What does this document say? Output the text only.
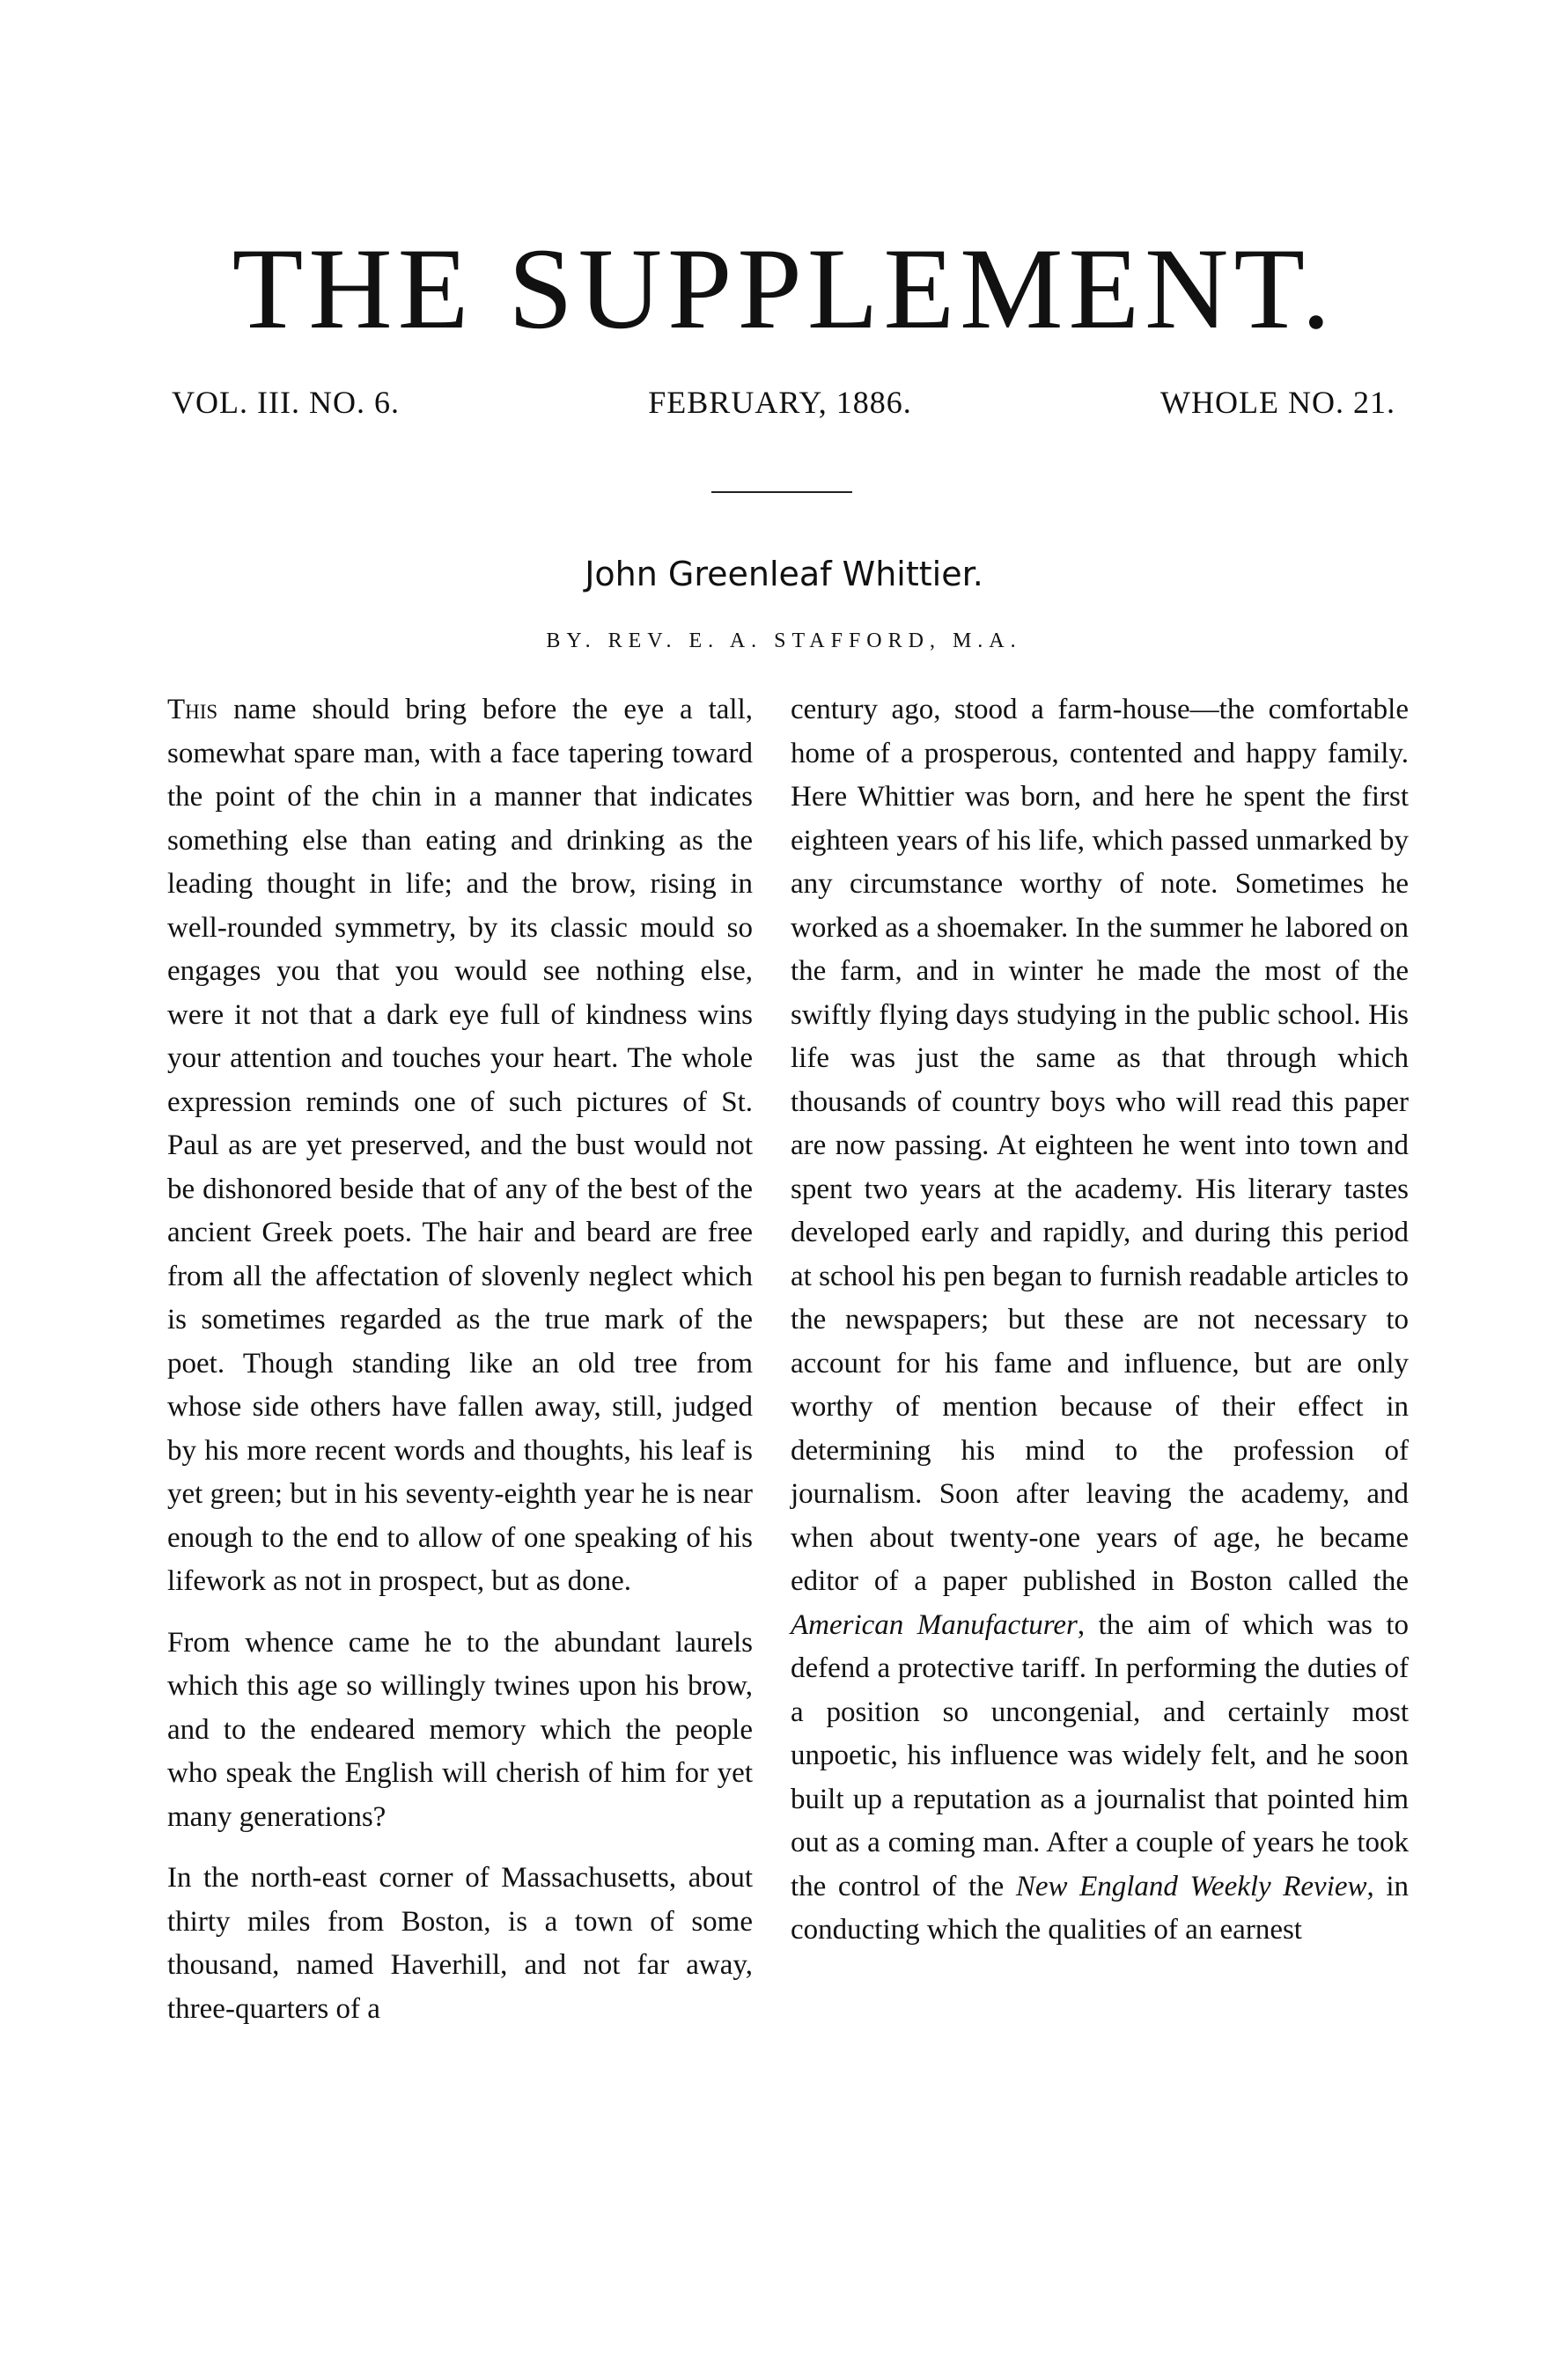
THE SUPPLEMENT.
VOL. III. NO. 6.	FEBRUARY, 1886.	WHOLE NO. 21.
John Greenleaf Whittier.
BY. REV. E. A. STAFFORD, M.A.

This name should bring before the eye a tall, somewhat spare man, with a face tapering toward the point of the chin in a manner that indicates something else than eating and drinking as the leading thought in life; and the brow, rising in well-rounded symmetry, by its classic mould so engages you that you would see nothing else, were it not that a dark eye full of kindness wins your attention and touches your heart. The whole expression reminds one of such pictures of St. Paul as are yet preserved, and the bust would not be dishonored beside that of any of the best of the ancient Greek poets. The hair and beard are free from all the affectation of slovenly neglect which is sometimes regarded as the true mark of the poet. Though standing like an old tree from whose side others have fallen away, still, judged by his more recent words and thoughts, his leaf is yet green; but in his seventy-eighth year he is near enough to the end to allow of one speaking of his lifework as not in prospect, but as done.

From whence came he to the abundant laurels which this age so willingly twines upon his brow, and to the endeared memory which the people who speak the English will cherish of him for yet many generations?

In the north-east corner of Massachusetts, about thirty miles from Boston, is a town of some thousand, named Haverhill, and not far away, three-quarters of a

century ago, stood a farm-house—the comfortable home of a prosperous, contented and happy family. Here Whittier was born, and here he spent the first eighteen years of his life, which passed unmarked by any circumstance worthy of note. Sometimes he worked as a shoemaker. In the summer he labored on the farm, and in winter he made the most of the swiftly flying days studying in the public school. His life was just the same as that through which thousands of country boys who will read this paper are now passing. At eighteen he went into town and spent two years at the academy. His literary tastes developed early and rapidly, and during this period at school his pen began to furnish readable articles to the newspapers; but these are not necessary to account for his fame and influence, but are only worthy of mention because of their effect in determining his mind to the profession of journalism. Soon after leaving the academy, and when about twenty-one years of age, he became editor of a paper published in Boston called the American Manufacturer, the aim of which was to defend a protective tariff. In performing the duties of a position so uncongenial, and certainly most unpoetic, his influence was widely felt, and he soon built up a reputation as a journalist that pointed him out as a coming man. After a couple of years he took the control of the New England Weekly Review, in conducting which the qualities of an earnest
